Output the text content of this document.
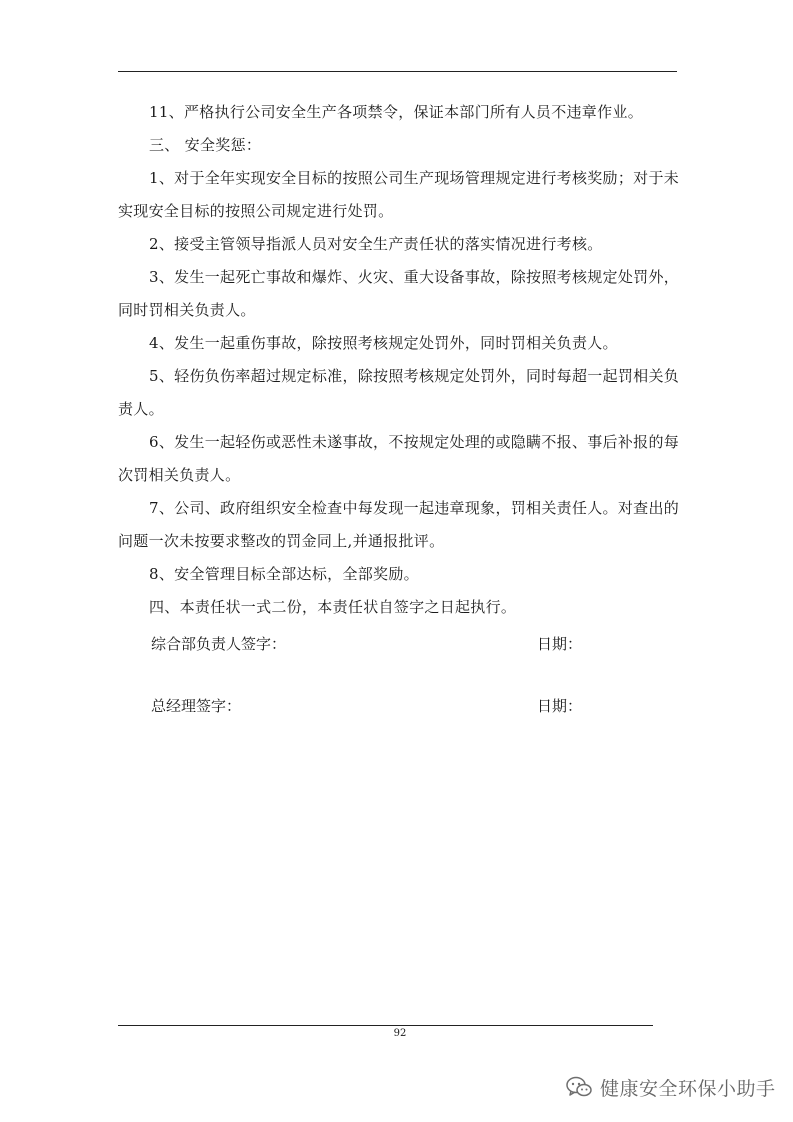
11、严格执行公司安全生产各项禁令，保证本部门所有人员不违章作业。

三、 安全奖惩：

1、对于全年实现安全目标的按照公司生产现场管理规定进行考核奖励；对于未实现安全目标的按照公司规定进行处罚。

2、接受主管领导指派人员对安全生产责任状的落实情况进行考核。

3、发生一起死亡事故和爆炸、火灾、重大设备事故，除按照考核规定处罚外，同时罚相关负责人。

4、发生一起重伤事故，除按照考核规定处罚外，同时罚相关负责人。

5、轻伤负伤率超过规定标准，除按照考核规定处罚外，同时每超一起罚相关负责人。

6、发生一起轻伤或恶性未遂事故，不按规定处理的或隐瞒不报、事后补报的每次罚相关负责人。

7、公司、政府组织安全检查中每发现一起违章现象，罚相关责任人。对查出的问题一次未按要求整改的罚金同上,并通报批评。

8、安全管理目标全部达标，全部奖励。

四、本责任状一式二份，本责任状自签字之日起执行。

综合部负责人签字：	日期：
总经理签字：	日期：
92
健康安全环保小助手
